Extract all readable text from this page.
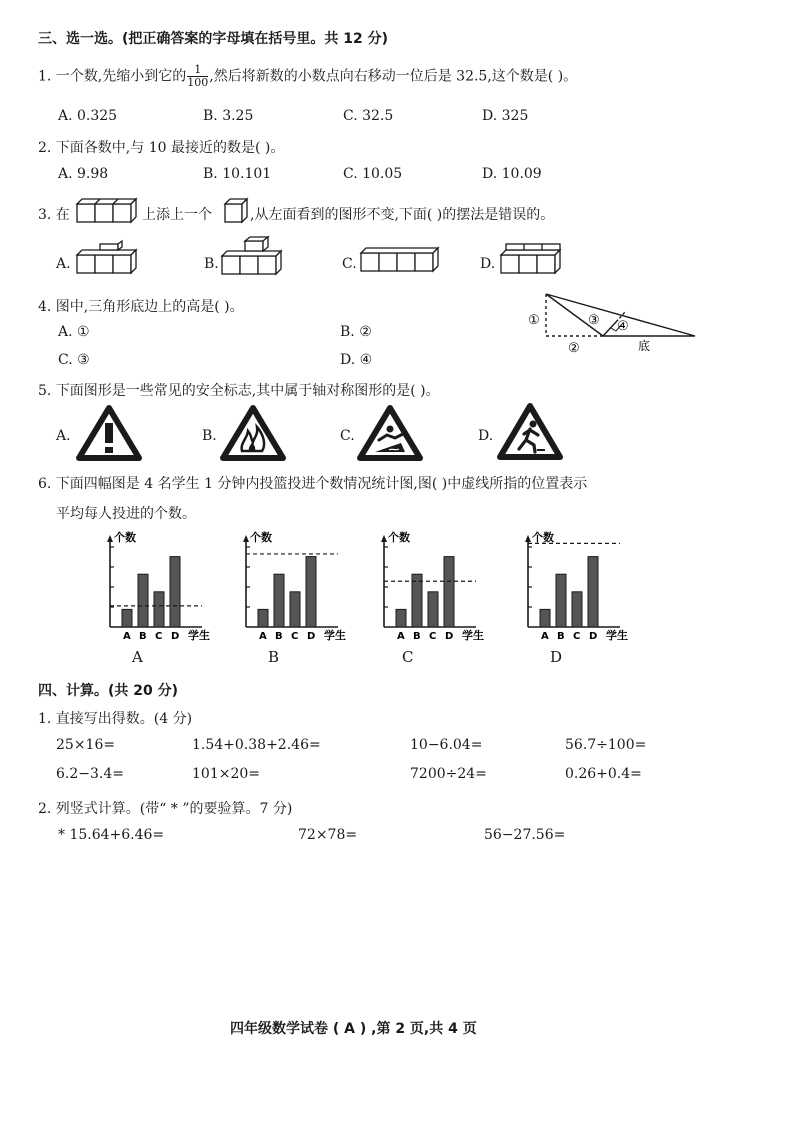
三、选一选。(把正确答案的字母填在括号里。共 12 分)
1. 一个数,先缩小到它的 $\frac{1}{100}$ ,然后将新数的小数点向右移动一位后是 32.5,这个数是( )。
A. 0.325	B. 3.25	C. 32.5	D. 325
2. 下面各数中,与 10 最接近的数是( )。
A. 9.98	B. 10.101	C. 10.05	D. 10.09
3. 在	上添上一个	,从左面看到的图形不变,下面( )的摆法是错误的。
A.	B.	C.	D.
4. 图中,三角形底边上的高是( )。
A. ①	B. ②
C. ③	D. ④
①
②
③ ④
底
5. 下面图形是一些常见的安全标志,其中属于轴对称图形的是( )。
A.	B.	C.	D.
6. 下面四幅图是 4 名学生 1 分钟内投篮投进个数情况统计图,图( )中虚线所指的位置表示
平均每人投进的个数。
个数
A B C D 学生
个数
A B C D 学生
个数
A B C D 学生
个数
A B C D 学生
A	B	C	D
四、计算。(共 20 分)
1. 直接写出得数。(4 分)
25×16=	1.54+0.38+2.46=	10−6.04=	56.7÷100=
6.2−3.4=	101×20=	7200÷24=	0.26+0.4=
2. 列竖式计算。(带“ * ”的要验算。7 分)
* 15.64+6.46=	72×78=	56−27.56=
四年级数学试卷 ( A ) ,第 2 页,共 4 页
